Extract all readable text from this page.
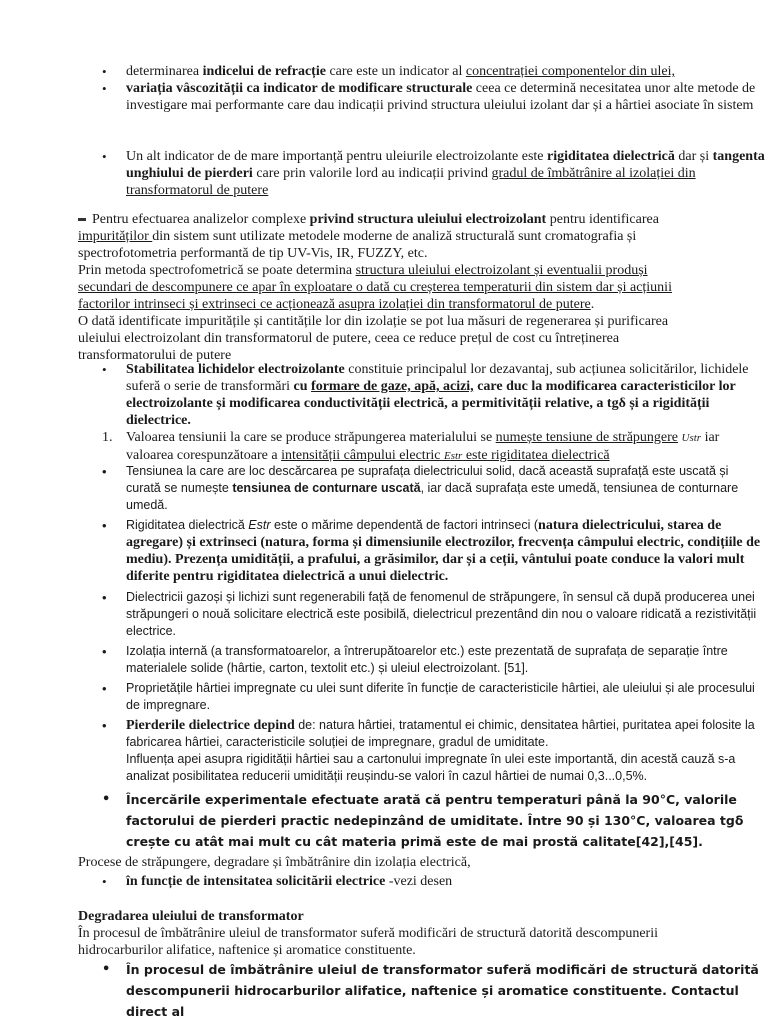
• determinarea indicelui de refracție care este un indicator al concentrației componentelor din ulei,
• variația vâscozității ca indicator de modificare structurale ceea ce determină necesitatea unor alte metode de investigare mai performante care dau indicații privind structura uleiului izolant dar și a hârtiei asociate în sistem
• Un alt indicator de de mare importanță pentru uleiurile electroizolante este rigiditatea dielectrică dar și tangenta unghiului de pierderi care prin valorile lord au indicații privind gradul de îmbătrânire al izolației din transformatorul de putere

Pentru efectuarea analizelor complexe privind structura uleiului electroizolant pentru identificarea impurităților din sistem sunt utilizate metodele moderne de analiză structurală sunt cromatografia și spectrofotometria performantă de tip UV-Vis, IR, FUZZY, etc.

Prin metoda spectrofometrică se poate determina structura uleiului electroizolant și eventualii produși secundari de descompunere ce apar în exploatare o dată cu creșterea temperaturii din sistem dar și acțiunii factorilor intrinseci și extrinseci ce acționează asupra izolației din transformatorul de putere.

O dată identificate impuritățile și cantitățile lor din izolație se pot lua măsuri de regenerarea și purificarea uleiului electroizolant din transformatorul de putere, ceea ce reduce prețul de cost cu întreținerea transformatorului de putere

• Stabilitatea lichidelor electroizolante constituie principalul lor dezavantaj, sub acțiunea solicitărilor, lichidele suferă o serie de transformări cu formare de gaze, apă, acizi, care duc la modificarea caracteristicilor lor electroizolante și modificarea conductivității electrică, a permitivității relative, a tgδ și a rigidității dielectrice.
1. Valoarea tensiunii la care se produce străpungerea materialului se numește tensiune de străpungere Ustr iar valoarea corespunzătoare a intensității câmpului electric Estr este rigiditatea dielectrică
• Tensiunea la care are loc descărcarea pe suprafața dielectricului solid, dacă această suprafață este uscată și curată se numește tensiunea de conturnare uscată, iar dacă suprafața este umedă, tensiunea de conturnare umedă.
• Rigiditatea dielectrică Estr este o mărime dependentă de factori intrinseci (natura dielectricului, starea de agregare) și extrinseci (natura, forma și dimensiunile electrozilor, frecvența câmpului electric, condițiile de mediu). Prezența umidității, a prafului, a grăsimilor, dar și a ceții, vântului poate conduce la valori mult diferite pentru rigiditatea dielectrică a unui dielectric.
• Dielectricii gazoși și lichizi sunt regenerabili față de fenomenul de străpungere, în sensul că după producerea unei străpungeri o nouă solicitare electrică este posibilă, dielectricul prezentând din nou o valoare ridicată a rezistivității electrice.
• Izolația internă (a transformatoarelor, a întrerupătoarelor etc.) este prezentată de suprafața de separație între materialele solide (hârtie, carton, textolit etc.) și uleiul electroizolant. [51].
• Proprietățile hârtiei impregnate cu ulei sunt diferite în funcție de caracteristicile hârtiei, ale uleiului și ale procesului de impregnare.
• Pierderile dielectrice depind de: natura hârtiei, tratamentul ei chimic, densitatea hârtiei, puritatea apei folosite la fabricarea hârtiei, caracteristicile soluției de impregnare, gradul de umiditate.
Influența apei asupra rigidității hârtiei sau a cartonului impregnate în ulei este importantă, din acestă cauză s-a analizat posibilitatea reducerii umidității reușindu-se valori în cazul hârtiei de numai 0,3...0,5%.
• Încercările experimentale efectuate arată că pentru temperaturi până la 90°C, valorile factorului de pierderi practic nedepinzând de umiditate. Între 90 și 130°C, valoarea tgδ crește cu atât mai mult cu cât materia primă este de mai prostă calitate[42],[45].

Procese de străpungere, degradare și îmbătrânire din izolația electrică,

• în funcție de intensitatea solicitării electrice -vezi desen

Degradarea uleiului de transformator

În procesul de îmbătrânire uleiul de transformator suferă modificări de structură datorită descompunerii hidrocarburilor alifatice, naftenice și aromatice constituente.

• În procesul de îmbătrânire uleiul de transformator suferă modificări de structură datorită descompunerii hidrocarburilor alifatice, naftenice și aromatice constituente. Contactul direct al
